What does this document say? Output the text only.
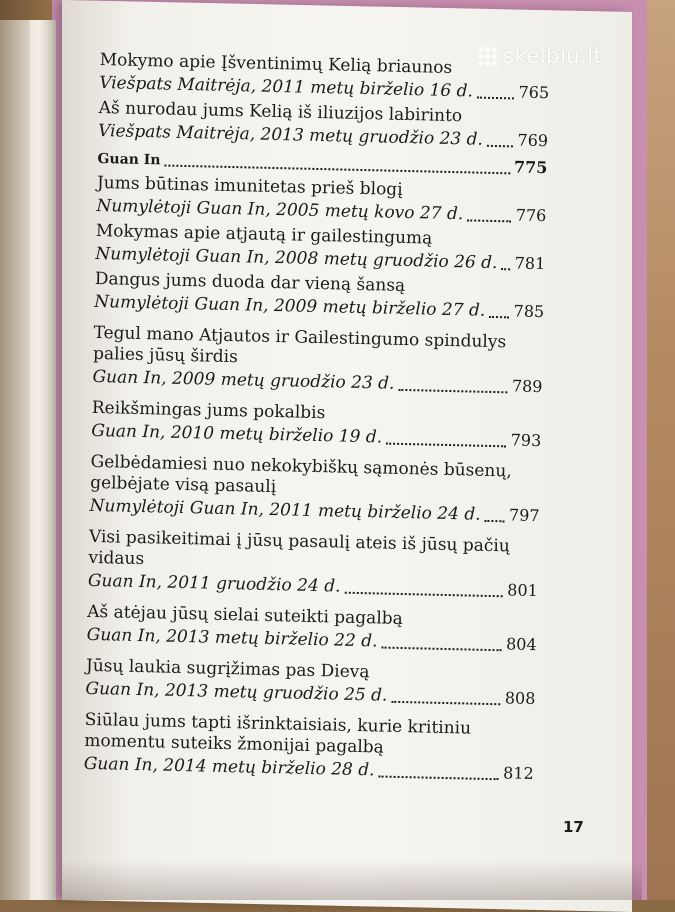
Mokymo apie Įšventinimų Kelią briaunos
Viešpats Maitrėja, 2011 metų birželio 16 d.	765
Aš nurodau jums Kelią iš iliuzijos labirinto
Viešpats Maitrėja, 2013 metų gruodžio 23 d. 769
Guan In	775
Jums būtinas imunitetas prieš blogį
Numylėtoji Guan In, 2005 metų kovo 27 d.	776
Mokymas apie atjautą ir gailestingumą
Numylėtoji Guan In, 2008 metų gruodžio 26 d. 781
Dangus jums duoda dar vieną šansą
Numylėtoji Guan In, 2009 metų birželio 27 d. 785
Tegul mano Atjautos ir Gailestingumo spindulys palies jūsų širdis
Guan In, 2009 metų gruodžio 23 d.	789
Reikšmingas jums pokalbis
Guan In, 2010 metų birželio 19 d.	793
Gelbėdamiesi nuo nekokybiškų sąmonės būsenų, gelbėjate visą pasaulį
Numylėtoji Guan In, 2011 metų birželio 24 d. 797
Visi pasikeitimai į jūsų pasaulį ateis iš jūsų pačių vidaus
Guan In, 2011 gruodžio 24 d.	801
Aš atėjau jūsų sielai suteikti pagalbą
Guan In, 2013 metų birželio 22 d.	804
Jūsų laukia sugrįžimas pas Dievą
Guan In, 2013 metų gruodžio 25 d.	808
Siūlau jums tapti išrinktaisiais, kurie kritiniu momentu suteiks žmonijai pagalbą
Guan In, 2014 metų birželio 28 d.	812
17
skelbiu.lt
